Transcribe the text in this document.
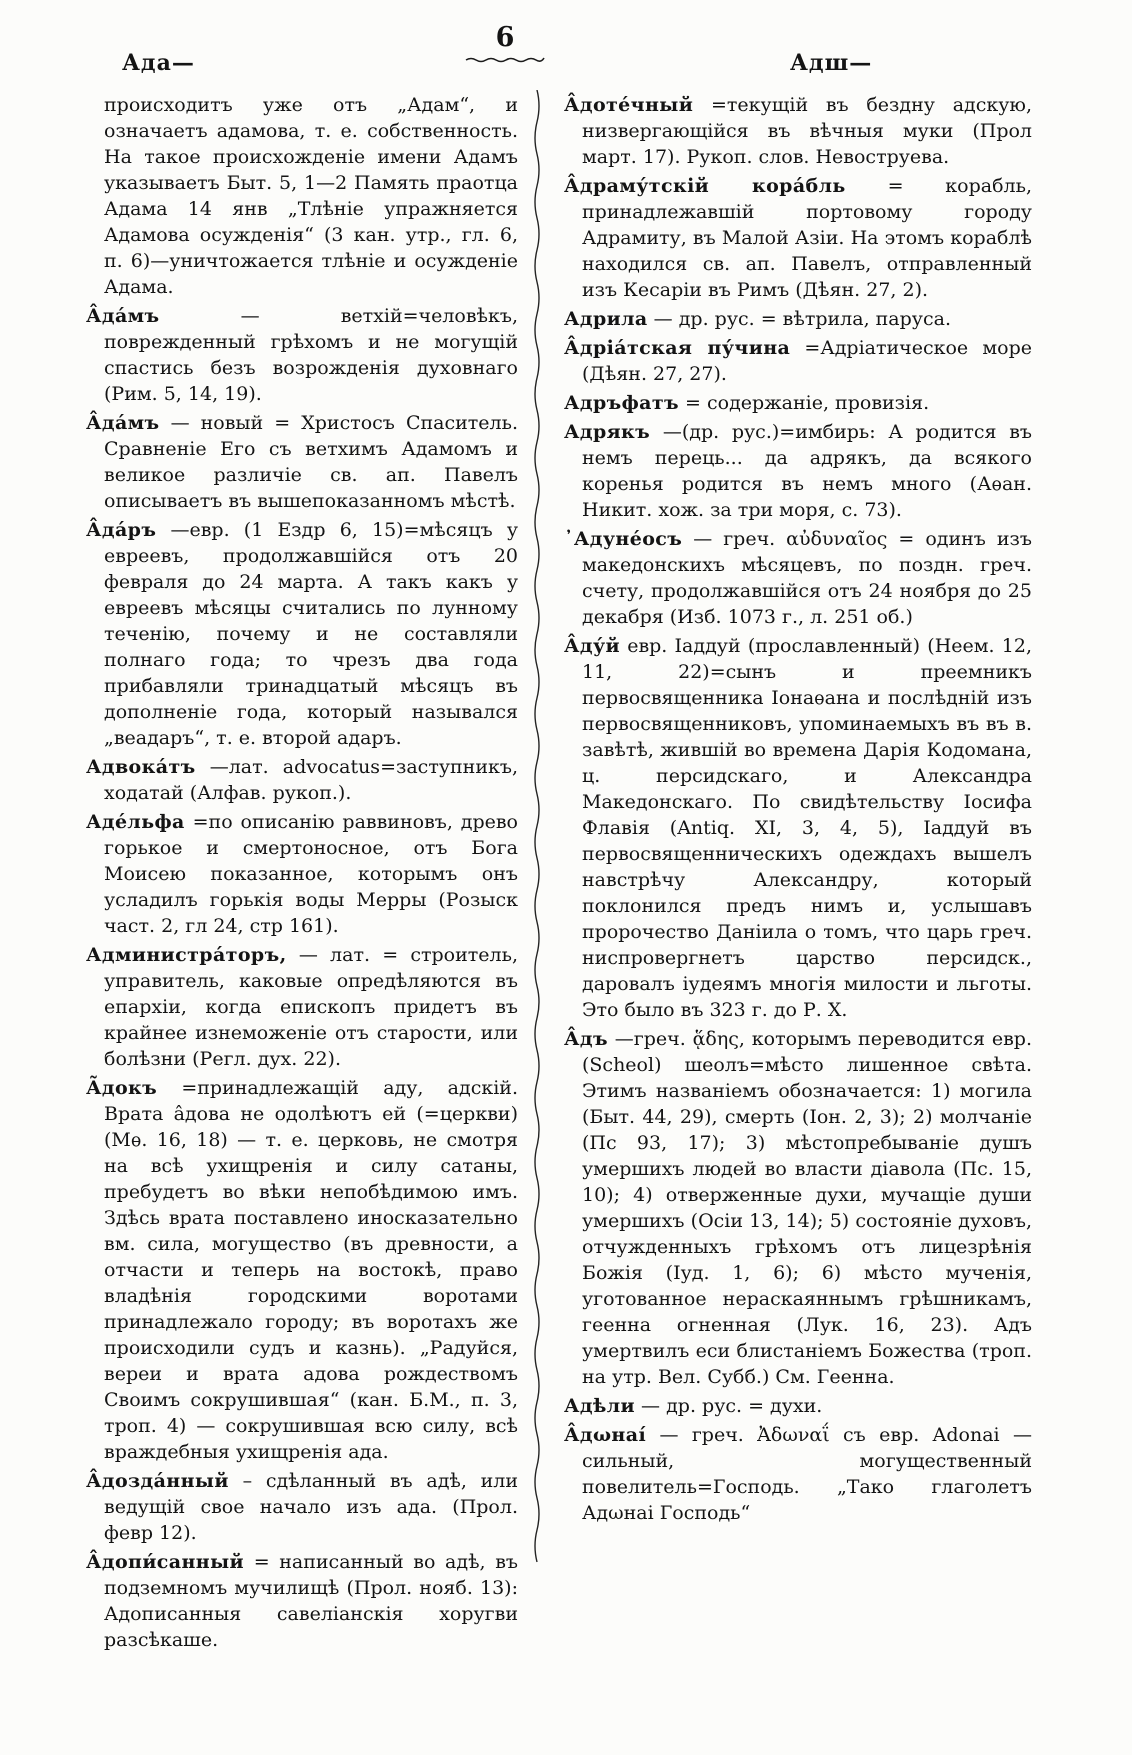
6
Ада—	Адш—

происходитъ уже отъ „Адам“, и означаетъ адамова, т. е. собственность. На такое происхожденіе имени Адамъ указываетъ Быт. 5, 1—2 Память праотца Адама 14 янв „Тлѣніе упражняется Адамова осужденія“ (3 кан. утр., гл. 6, п. 6)—уничтожается тлѣніе и осужденіе Адама.

А̂да́мъ	— ветхій=человѣкъ, поврежденный грѣхомъ и не могущій спастись безъ возрожденія духовнаго (Рим. 5, 14, 19).

А̂да́мъ — новый = Христосъ Спаситель. Сравненіе Его съ ветхимъ Адамомъ и великое различіе св. ап. Павелъ описываетъ въ вышепоказанномъ мѣстѣ.

А̂да́ръ —евр. (1 Ездр 6, 15)=мѣсяцъ у евреевъ, продолжавшійся отъ 20 февраля до 24 марта. А такъ какъ у евреевъ мѣсяцы считались по лунному теченію, почему и не составляли полнаго года; то чрезъ два года прибавляли тринадцатый мѣсяцъ въ дополненіе года, который назывался „веадаръ“, т. е. второй адаръ.

Адвока́тъ —лат. advocatus=заступникъ, ходатай (Алфав. рукоп.).

Аде́льфа =по описанію раввиновъ, древо горькое и смертоносное, отъ Бога Моисею показанное, которымъ онъ усладилъ горькія воды Мерры (Розыск част. 2, гл 24, стр 161).

Администра́торъ, — лат. = строитель, управитель, каковые опредѣляются въ епархіи, когда епископъ придетъ въ крайнее изнеможеніе отъ старости, или болѣзни (Регл. дух. 22).

А̃докъ =принадлежащій аду, адскій. Врата а̂дова не одолѣютъ ей (=церкви) (Мѳ. 16, 18) — т. е. церковь, не смотря на всѣ ухищренія и силу сатаны, пребудетъ во вѣки непобѣдимою имъ. Здѣсь врата поставлено иносказательно вм. сила, могущество (въ древности, а отчасти и теперь на востокѣ, право владѣнія городскими воротами принадлежало городу; въ воротахъ же происходили судъ и казнь). „Радуйся, вереи и врата адова рождествомъ Своимъ сокрушившая“ (кан. Б.М., п. 3, троп. 4) — сокрушившая всю силу, всѣ враждебныя ухищренія ада.

А̂дозда́нный – сдѣланный въ адѣ, или ведущій свое начало изъ ада. (Прол. февр 12).

А̂допи́санный = написанный во адѣ, въ подземномъ мучилищѣ (Прол. нояб. 13): Адописанныя савеліанскія хоругви разсѣкаше.

А̂доте́чный =текущій въ бездну адскую, низвергающійся въ вѣчныя муки (Прол март. 17). Рукоп. слов. Невоструева.

А̂драму́тскій кора́бль = корабль, принадлежавшій портовому городу Адрамиту, въ Малой Азіи. На этомъ кораблѣ находился св. ап. Павелъ, отправленный изъ Кесаріи въ Римъ (Дѣян. 27, 2).

Адрила — др. рус. = вѣтрила, паруса.

А̂дріа́тская пу́чина =Адріатическое море (Дѣян. 27, 27).

Адръфатъ = содержаніе, провизія.

Адрякъ —(др. рус.)=имбирь: А родится въ немъ перець... да адрякъ, да всякого коренья родится въ немъ много (Аѳан. Никит. хож. за три моря, с. 73).

᾿Адуне́осъ — греч. αὐδυναῖος = одинъ изъ македонскихъ мѣсяцевъ, по поздн. греч. счету, продолжавшійся отъ 24 ноября до 25 декабря (Изб. 1073 г., л. 251 об.)

А̂ду́й евр. Іаддуй (прославленный) (Неем. 12, 11, 22)=сынъ и преемникъ первосвященника Іонаѳана и послѣдній изъ первосвященниковъ, упоминаемыхъ въ въ в. завѣтѣ, жившій во времена Дарія Кодомана, ц. персидскаго, и Александра Македонскаго. По свидѣтельству Іосифа Флавія (Antiq. XI, 3, 4, 5), Іаддуй въ первосвященническихъ одеждахъ вышелъ навстрѣчу Александру, который поклонился предъ нимъ и, услышавъ пророчество Даніила о томъ, что царь греч. ниспровергнетъ царство персидск., даровалъ іудеямъ многія милости и льготы. Это было въ 323 г. до Р. Х.

А̂дъ —греч. ᾅδης, которымъ переводится евр. (Scheol) шеолъ=мѣсто лишенное свѣта. Этимъ названіемъ обозначается: 1) могила (Быт. 44, 29), смерть (Іон. 2, 3); 2) молчаніе (Пс 93, 17); 3) мѣстопребываніе душъ умершихъ людей во власти діавола (Пс. 15, 10); 4) отверженные духи, мучащіе души умершихъ (Осіи 13, 14); 5) состояніе духовъ, отчужденныхъ грѣхомъ отъ лицезрѣнія Божія (Іуд. 1, 6); 6) мѣсто мученія, уготованное нераскаяннымъ грѣшникамъ, геенна огненная (Лук. 16, 23). Адъ умертвилъ еси блистаніемъ Божества (троп. на утр. Вел. Субб.) См. Геенна.

Адѣли — др. рус. = духи.

А̂дωнаі́ — греч. Ἀδωναΐ съ евр. Adonai — сильный, могущественный повелитель=Господь. „Тако глаголетъ Адωнаі Господь“
